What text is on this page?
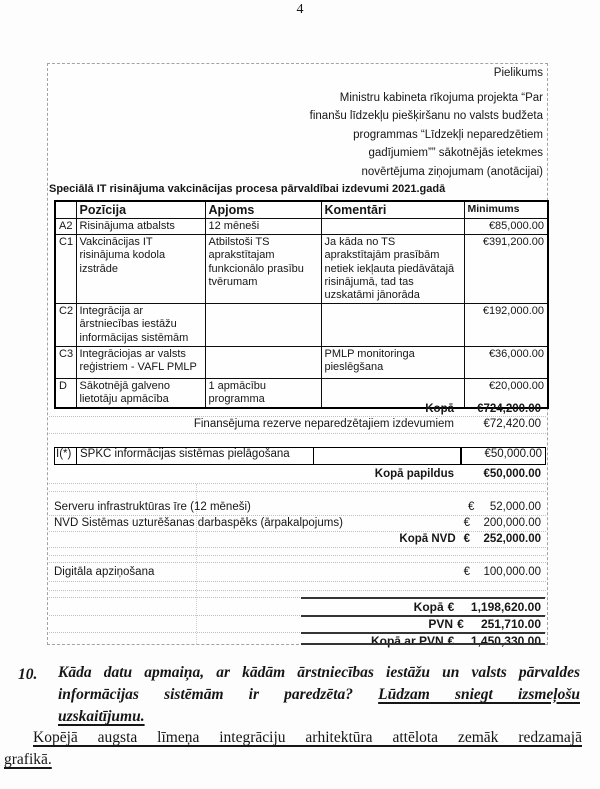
4
Pielikums
Ministru kabineta rīkojuma projekta “Par
finanšu līdzekļu piešķiršanu no valsts budžeta
programmas “Līdzekļi neparedzētiem
gadījumiem”” sākotnējās ietekmes
novērtējuma ziņojumam (anotācijai)
Speciālā IT risinājuma vakcinācijas procesa pārvaldībai izdevumi 2021.gadā
	Pozīcija	Apjoms	Komentāri	Minimums
A2	Risinājuma atbalsts	12 mēneši		€85,000.00
C1	Vakcinācijas IT risinājuma kodola izstrāde	Atbilstoši TS aprakstītajam funkcionālo prasību tvērumam	Ja kāda no TS aprakstītajām prasībām netiek iekļauta piedāvātajā risinājumā, tad tas uzskatāmi jānorāda	€391,200.00
C2	Integrācija ar ārstniecības iestāžu informācijas sistēmām			€192,000.00
C3	Integrāciojas ar valsts reģistriem - VAFL PMLP		PMLP monitoringa pieslēgšana	€36,000.00
D	Sākotnējā galveno lietotāju apmācība	1 apmācību programma		€20,000.00
Kopā	€724,200.00
Finansējuma rezerve neparedzētajiem izdevumiem	€72,420.00
I(*) SPKC informācijas sistēmas pielāgošana	€50,000.00
Kopā papildus	€50,000.00
Serveru infrastruktūras īre (12 mēneši)	€	52,000.00
NVD Sistēmas uzturēšanas darbaspēks (ārpakalpojums)	€	200,000.00
Kopā NVD €	252,000.00
Digitāla apziņošana	€	100,000.00
Kopā €	1,198,620.00
PVN €	251,710.00
Kopā ar PVN €	1,450,330.00
10. Kāda datu apmaiņa, ar kādām ārstniecības iestāžu un valsts pārvaldes
informācijas sistēmām ir paredzēta? Lūdzam sniegt izsmeļošu
uzskaitījumu.
Kopējā augsta līmeņa integrāciju arhitektūra attēlota zemāk redzamajā
grafikā.
